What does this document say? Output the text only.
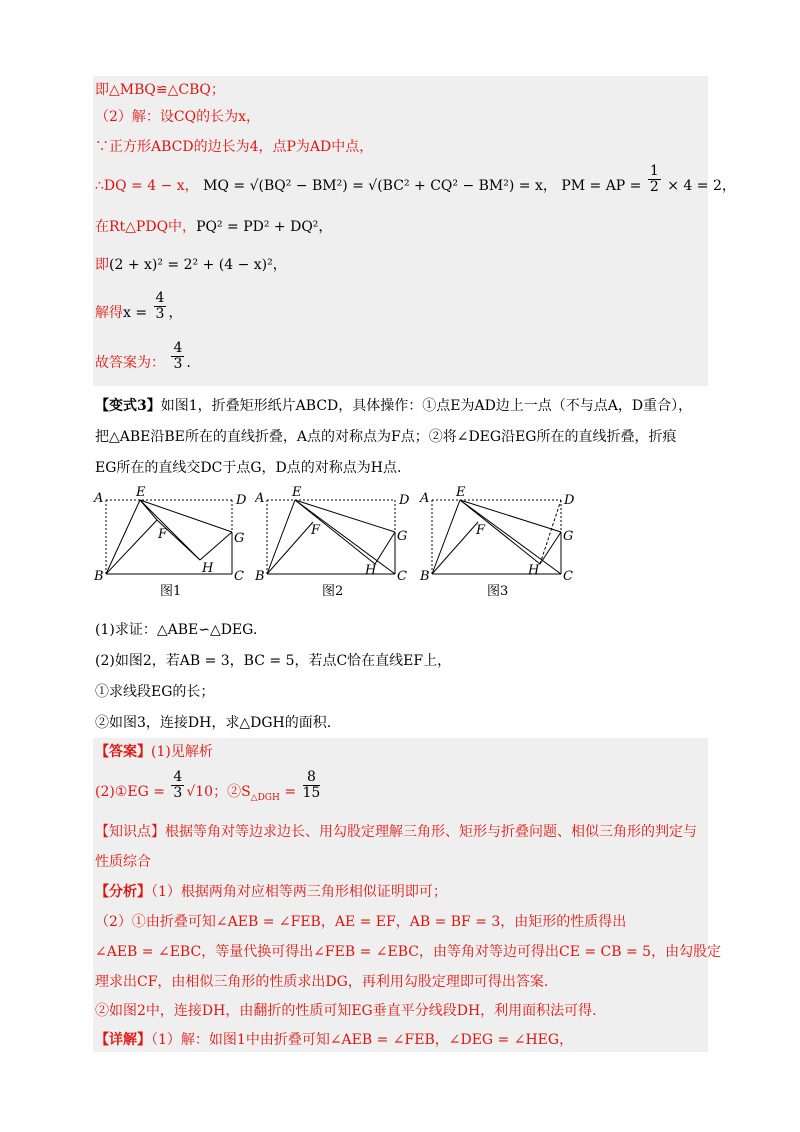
即△MBQ≌△CBQ；
（2）解：设CQ的长为x，
∵正方形ABCD的边长为4，点P为AD中点，
∴DQ = 4 − x， MQ = √(BQ² − BM²) = √(BC² + CQ² − BM²) = x， PM = AP = $\frac{1}{2} \times 4 = 2$，
在Rt△PDQ中，PQ² = PD² + DQ²，
即(2 + x)² = 2² + (4 − x)²，
解得$x = \frac{4}{3}$ ，
故答案为： $\frac{4}{3}$ .
【变式3】如图1，折叠矩形纸片ABCD，具体操作：①点E为AD边上一点（不与点A，D重合），
把△ABE沿BE所在的直线折叠，A点的对称点为F点；②将∠DEG沿EG所在的直线折叠，折痕
EG所在的直线交DC于点G，D点的对称点为H点.
A	E
D
F	G
H
B	C
图1
A E
D
F	G
H
B	C
图2
A E
D
F	G
H
B	C
图3
(1)求证：△ABE∽△DEG.
(2)如图2，若AB = 3，BC = 5，若点C恰在直线EF上，
①求线段EG的长；
②如图3，连接DH，求△DGH的面积.
【答案】(1)见解析
(2)①EG = $\frac{4}{3} √10$；$②S_{\triangle DGH} = \frac{8}{15}$
【知识点】根据等角对等边求边长、用勾股定理解三角形、矩形与折叠问题、相似三角形的判定与
性质综合
【分析】（1）根据两角对应相等两三角形相似证明即可；
（2）①由折叠可知∠AEB = ∠FEB，AE = EF，AB = BF = 3，由矩形的性质得出
∠AEB = ∠EBC，等量代换可得出∠FEB = ∠EBC，由等角对等边可得出CE = CB = 5，由勾股定
理求出CF，由相似三角形的性质求出DG，再利用勾股定理即可得出答案.
②如图2中，连接DH，由翻折的性质可知EG垂直平分线段DH，利用面积法可得.
【详解】（1）解：如图1中由折叠可知∠AEB = ∠FEB，∠DEG = ∠HEG，
